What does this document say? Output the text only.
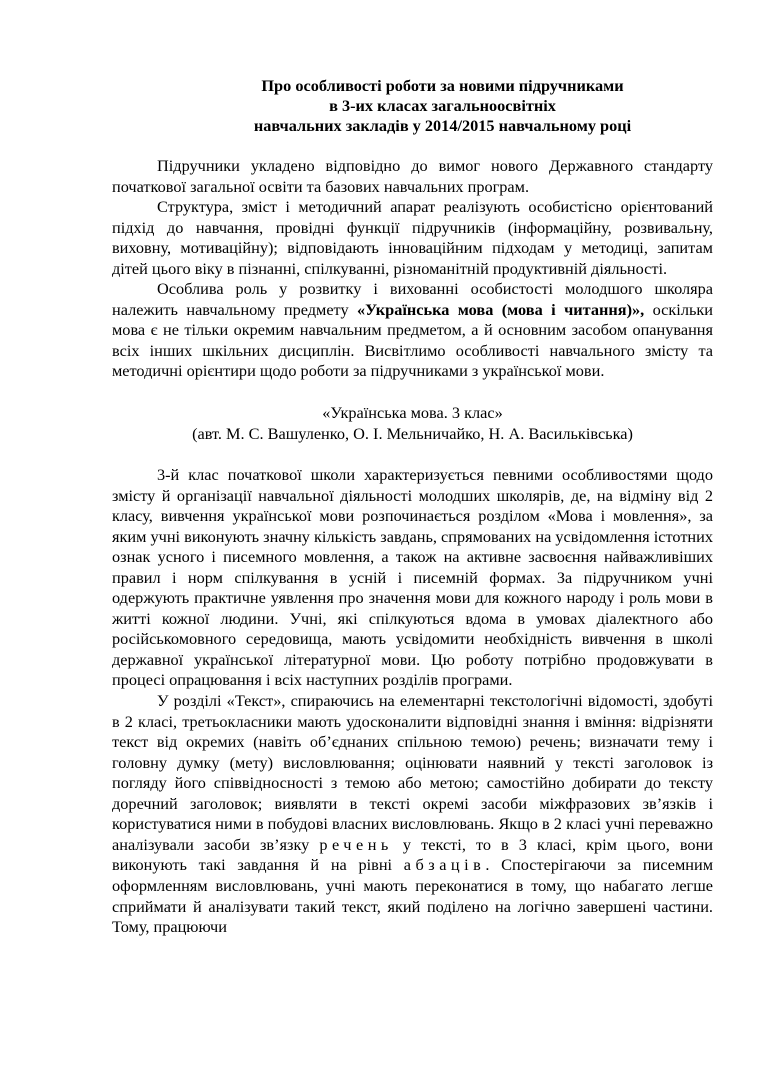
Про особливості роботи за новими підручниками
в 3-их класах загальноосвітніх
навчальних закладів у 2014/2015 навчальному році

Підручники укладено відповідно до вимог нового Державного стандарту початкової загальної освіти та базових навчальних програм.

Структура, зміст і методичний апарат реалізують особистісно орієнтований підхід до навчання, провідні функції підручників (інформаційну, розвивальну, виховну, мотиваційну); відповідають інноваційним підходам у методиці, запитам дітей цього віку в пізнанні, спілкуванні, різноманітній продуктивній діяльності.

Особлива роль у розвитку і вихованні особистості молодшого школяра належить навчальному предмету «Українська мова (мова і читання)», оскільки мова є не тільки окремим навчальним предметом, а й основним засобом опанування всіх інших шкільних дисциплін. Висвітлимо особливості навчального змісту та методичні орієнтири щодо роботи за підручниками з української мови.

«Українська мова. 3 клас»
(авт. М. С. Вашуленко, О. І. Мельничайко, Н. А. Васильківська)

3-й клас початкової школи характеризується певними особливостями щодо змісту й організації навчальної діяльності молодших школярів, де, на відміну від 2 класу, вивчення української мови розпочинається розділом «Мова і мовлення», за яким учні виконують значну кількість завдань, спрямованих на усвідомлення істотних ознак усного і писемного мовлення, а також на активне засвоєння найважливіших правил і норм спілкування в усній і писемній формах. За підручником учні одержують практичне уявлення про значення мови для кожного народу і роль мови в житті кожної людини. Учні, які спілкуються вдома в умовах діалектного або російськомовного середовища, мають усвідомити необхідність вивчення в школі державної української літературної мови. Цю роботу потрібно продовжувати в процесі опрацювання і всіх наступних розділів програми.

У розділі «Текст», спираючись на елементарні текстологічні відомості, здобуті в 2 класі, третьокласники мають удосконалити відповідні знання і вміння: відрізняти текст від окремих (навіть об’єднаних спільною темою) речень; визначати тему і головну думку (мету) висловлювання; оцінювати наявний у тексті заголовок із погляду його співвідносності з темою або метою; самостійно добирати до тексту доречний заголовок; виявляти в тексті окремі засоби міжфразових зв’язків і користуватися ними в побудові власних висловлювань. Якщо в 2 класі учні переважно аналізували засоби зв’язку речень у тексті, то в 3 класі, крім цього, вони виконують такі завдання й на рівні абзаців. Спостерігаючи за писемним оформленням висловлювань, учні мають переконатися в тому, що набагато легше сприймати й аналізувати такий текст, який поділено на логічно завершені частини. Тому, працюючи
